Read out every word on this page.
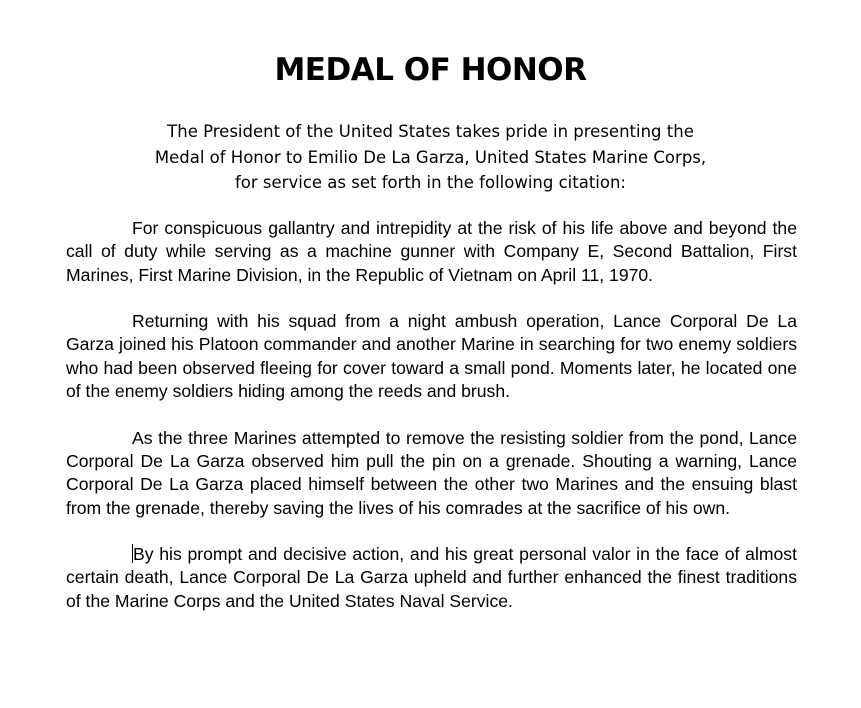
MEDAL OF HONOR
The President of the United States takes pride in presenting the
Medal of Honor to Emilio De La Garza, United States Marine Corps,
for service as set forth in the following citation:

For conspicuous gallantry and intrepidity at the risk of his life above and beyond the call of duty while serving as a machine gunner with Company E, Second Battalion, First Marines, First Marine Division, in the Republic of Vietnam on April 11, 1970.

Returning with his squad from a night ambush operation, Lance Corporal De La Garza joined his Platoon commander and another Marine in searching for two enemy soldiers who had been observed fleeing for cover toward a small pond. Moments later, he located one of the enemy soldiers hiding among the reeds and brush.

As the three Marines attempted to remove the resisting soldier from the pond, Lance Corporal De La Garza observed him pull the pin on a grenade. Shouting a warning, Lance Corporal De La Garza placed himself between the other two Marines and the ensuing blast from the grenade, thereby saving the lives of his comrades at the sacrifice of his own.

By his prompt and decisive action, and his great personal valor in the face of almost certain death, Lance Corporal De La Garza upheld and further enhanced the finest traditions of the Marine Corps and the United States Naval Service.
